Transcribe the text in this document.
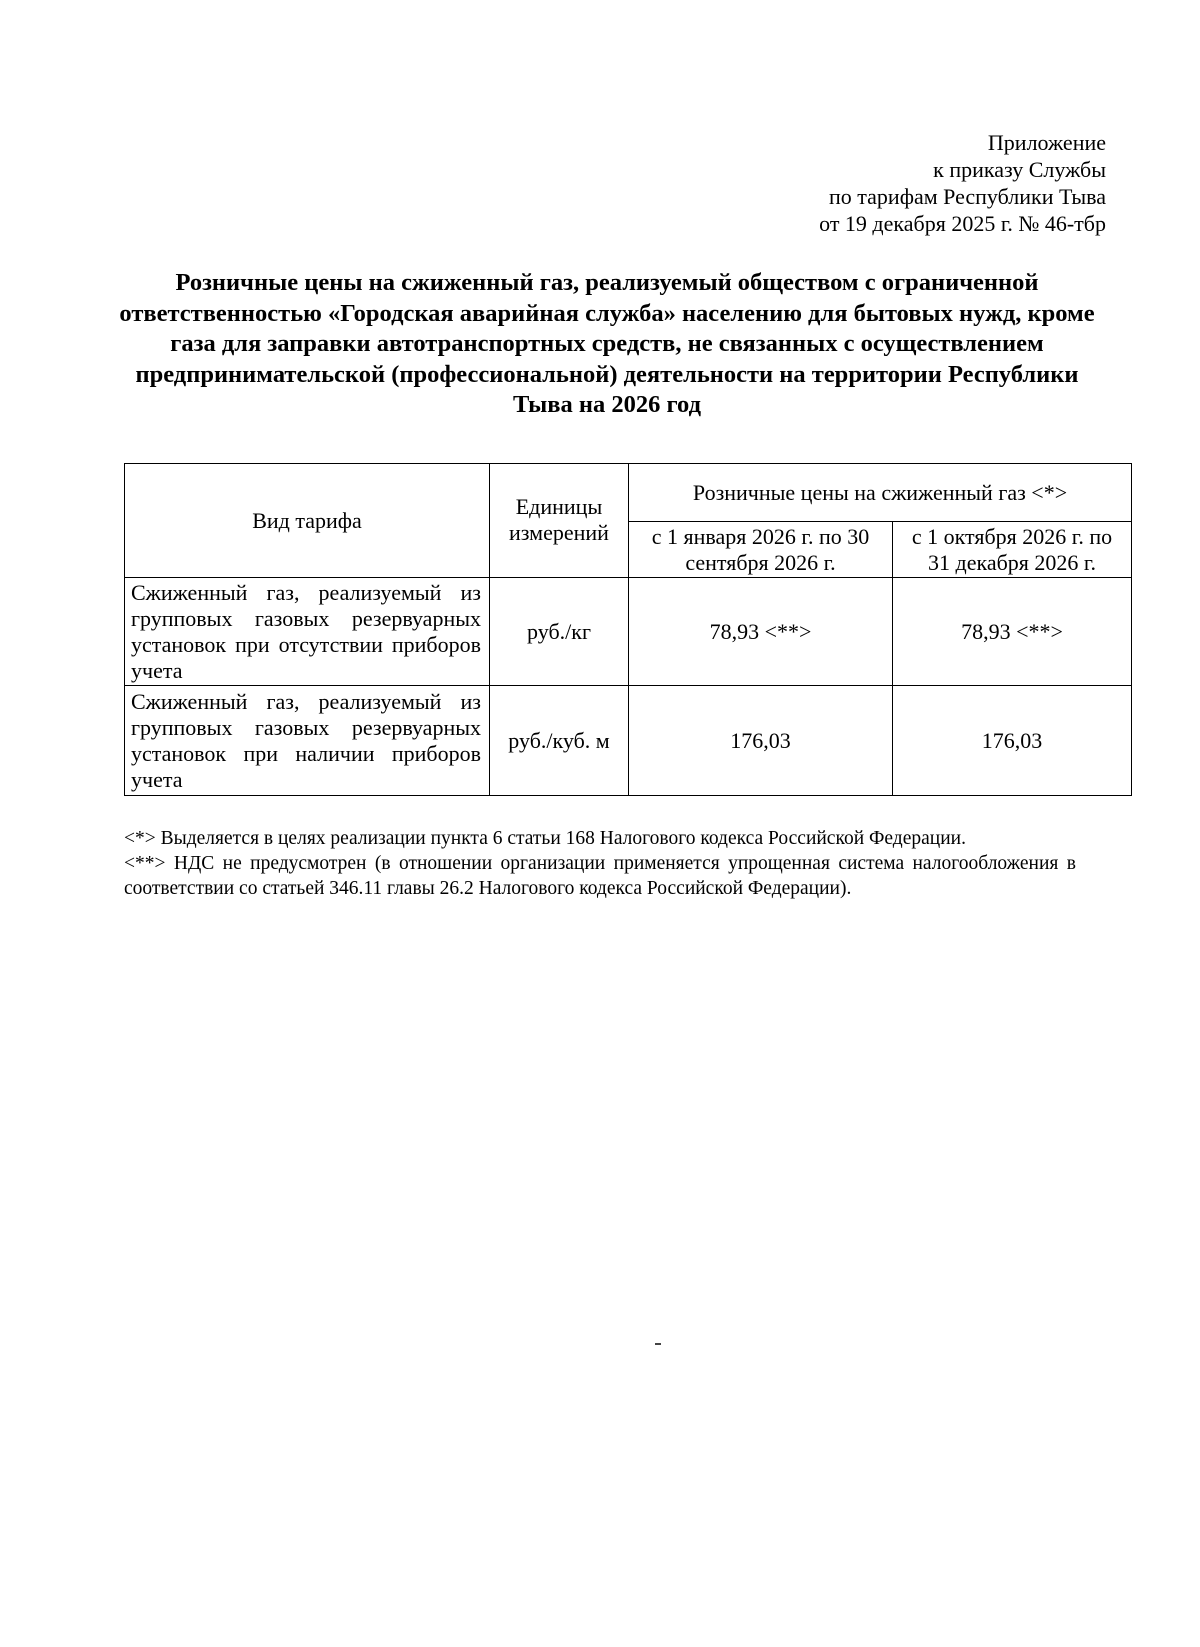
Приложение
к приказу Службы
по тарифам Республики Тыва
от 19 декабря 2025 г. № 46-тбр
Розничные цены на сжиженный газ, реализуемый обществом с ограниченной ответственностью «Городская аварийная служба» населению для бытовых нужд, кроме газа для заправки автотранспортных средств, не связанных с осуществлением предпринимательской (профессиональной) деятельности на территории Республики Тыва на 2026 год
Вид тарифа	Единицы измерений	Розничные цены на сжиженный газ <*>	
		с 1 января 2026 г. по 30 сентября 2026 г.	с 1 октября 2026 г. по 31 декабря 2026 г.
Сжиженный газ, реализуемый из групповых газовых резервуарных установок при отсутствии приборов учета	руб./кг	78,93 <**>	78,93 <**>
Сжиженный газ, реализуемый из групповых газовых резервуарных установок при наличии приборов учета	руб./куб. м	176,03	176,03

<*> Выделяется в целях реализации пункта 6 статьи 168 Налогового кодекса Российской Федерации.

<**> НДС не предусмотрен (в отношении организации применяется упрощенная система налогообложения в соответствии со статьей 346.11 главы 26.2 Налогового кодекса Российской Федерации).
